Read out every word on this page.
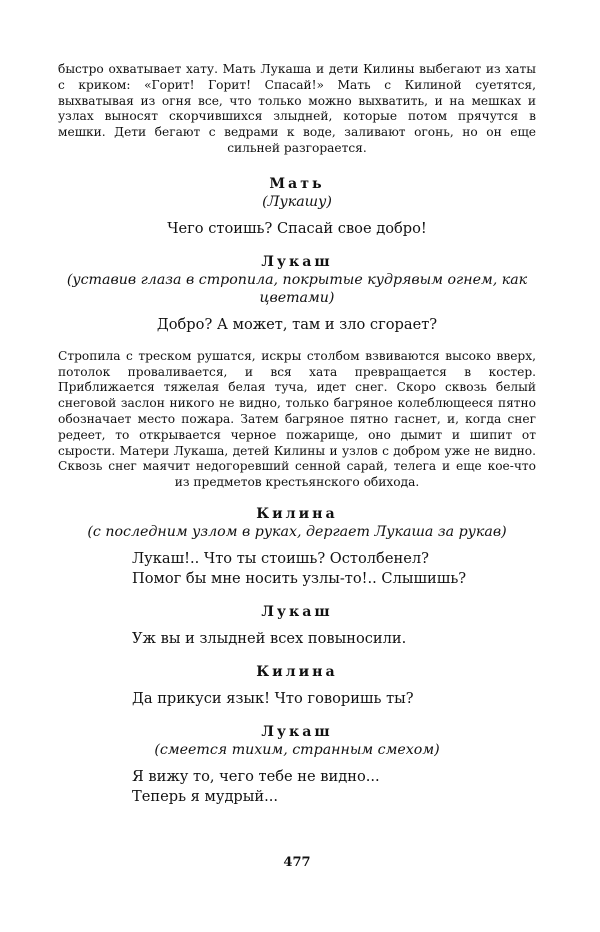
быстро охватывает хату. Мать Лукаша и дети Килины выбегают из хаты с криком: «Горит! Горит! Спасай!» Мать с Килиной суетятся, выхватывая из огня все, что только можно выхватить, и на мешках и узлах выносят скорчившихся злыдней, которые потом прячутся в мешки. Дети бегают с ведрами к воде, заливают огонь, но он еще сильней разгорается.

Мать

(Лукашу)

Чего стоишь? Спасай свое добро!

Лукаш

(уставив глаза в стропила, покрытые кудрявым огнем, как цветами)

Добро? А может, там и зло сгорает?

Стропила с треском рушатся, искры столбом взвиваются высоко вверх, потолок проваливается, и вся хата превращается в костер. Приближается тяжелая белая туча, идет снег. Скоро сквозь белый снеговой заслон никого не видно, только багряное колеблющееся пятно обозначает место пожара. Затем багряное пятно гаснет, и, когда снег редеет, то открывается черное пожарище, оно дымит и шипит от сырости. Матери Лукаша, детей Килины и узлов с добром уже не видно. Сквозь снег маячит недогоревший сенной сарай, телега и еще кое-что из предметов крестьянского обихода.

Килина

(с последним узлом в руках, дергает Лукаша за рукав)

Лукаш!.. Что ты стоишь? Остолбенел?

Помог бы мне носить узлы-то!.. Слышишь?

Лукаш

Уж вы и злыдней всех повыносили.

Килина

Да прикуси язык! Что говоришь ты?

Лукаш

(смеется тихим, странным смехом)

Я вижу то, чего тебе не видно...

Теперь я мудрый...

477
